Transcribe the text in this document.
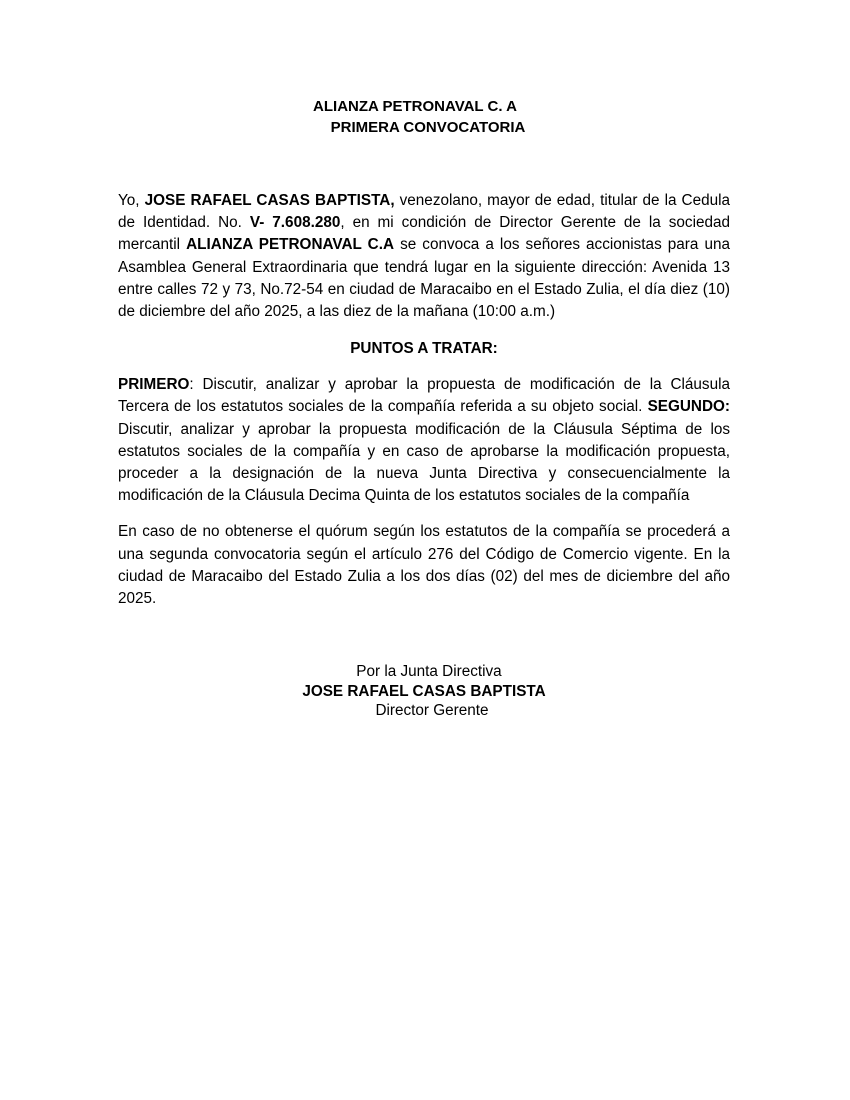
ALIANZA PETRONAVAL C. A
PRIMERA CONVOCATORIA

Yo, JOSE RAFAEL CASAS BAPTISTA, venezolano, mayor de edad, titular de la Cedula de Identidad. No. V- 7.608.280, en mi condición de Director Gerente de la sociedad mercantil ALIANZA PETRONAVAL C.A se convoca a los señores accionistas para una Asamblea General Extraordinaria que tendrá lugar en la siguiente dirección: Avenida 13 entre calles 72 y 73, No.72-54 en ciudad de Maracaibo en el Estado Zulia, el día diez (10) de diciembre del año 2025, a las diez de la mañana (10:00 a.m.)

PUNTOS A TRATAR:

PRIMERO: Discutir, analizar y aprobar la propuesta de modificación de la Cláusula Tercera de los estatutos sociales de la compañía referida a su objeto social. SEGUNDO: Discutir, analizar y aprobar la propuesta modificación de la Cláusula Séptima de los estatutos sociales de la compañía y en caso de aprobarse la modificación propuesta, proceder a la designación de la nueva Junta Directiva y consecuencialmente la modificación de la Cláusula Decima Quinta de los estatutos sociales de la compañía

En caso de no obtenerse el quórum según los estatutos de la compañía se procederá a una segunda convocatoria según el artículo 276 del Código de Comercio vigente. En la ciudad de Maracaibo del Estado Zulia a los dos días (02) del mes de diciembre del año 2025.

Por la Junta Directiva
JOSE RAFAEL CASAS BAPTISTA
Director Gerente
